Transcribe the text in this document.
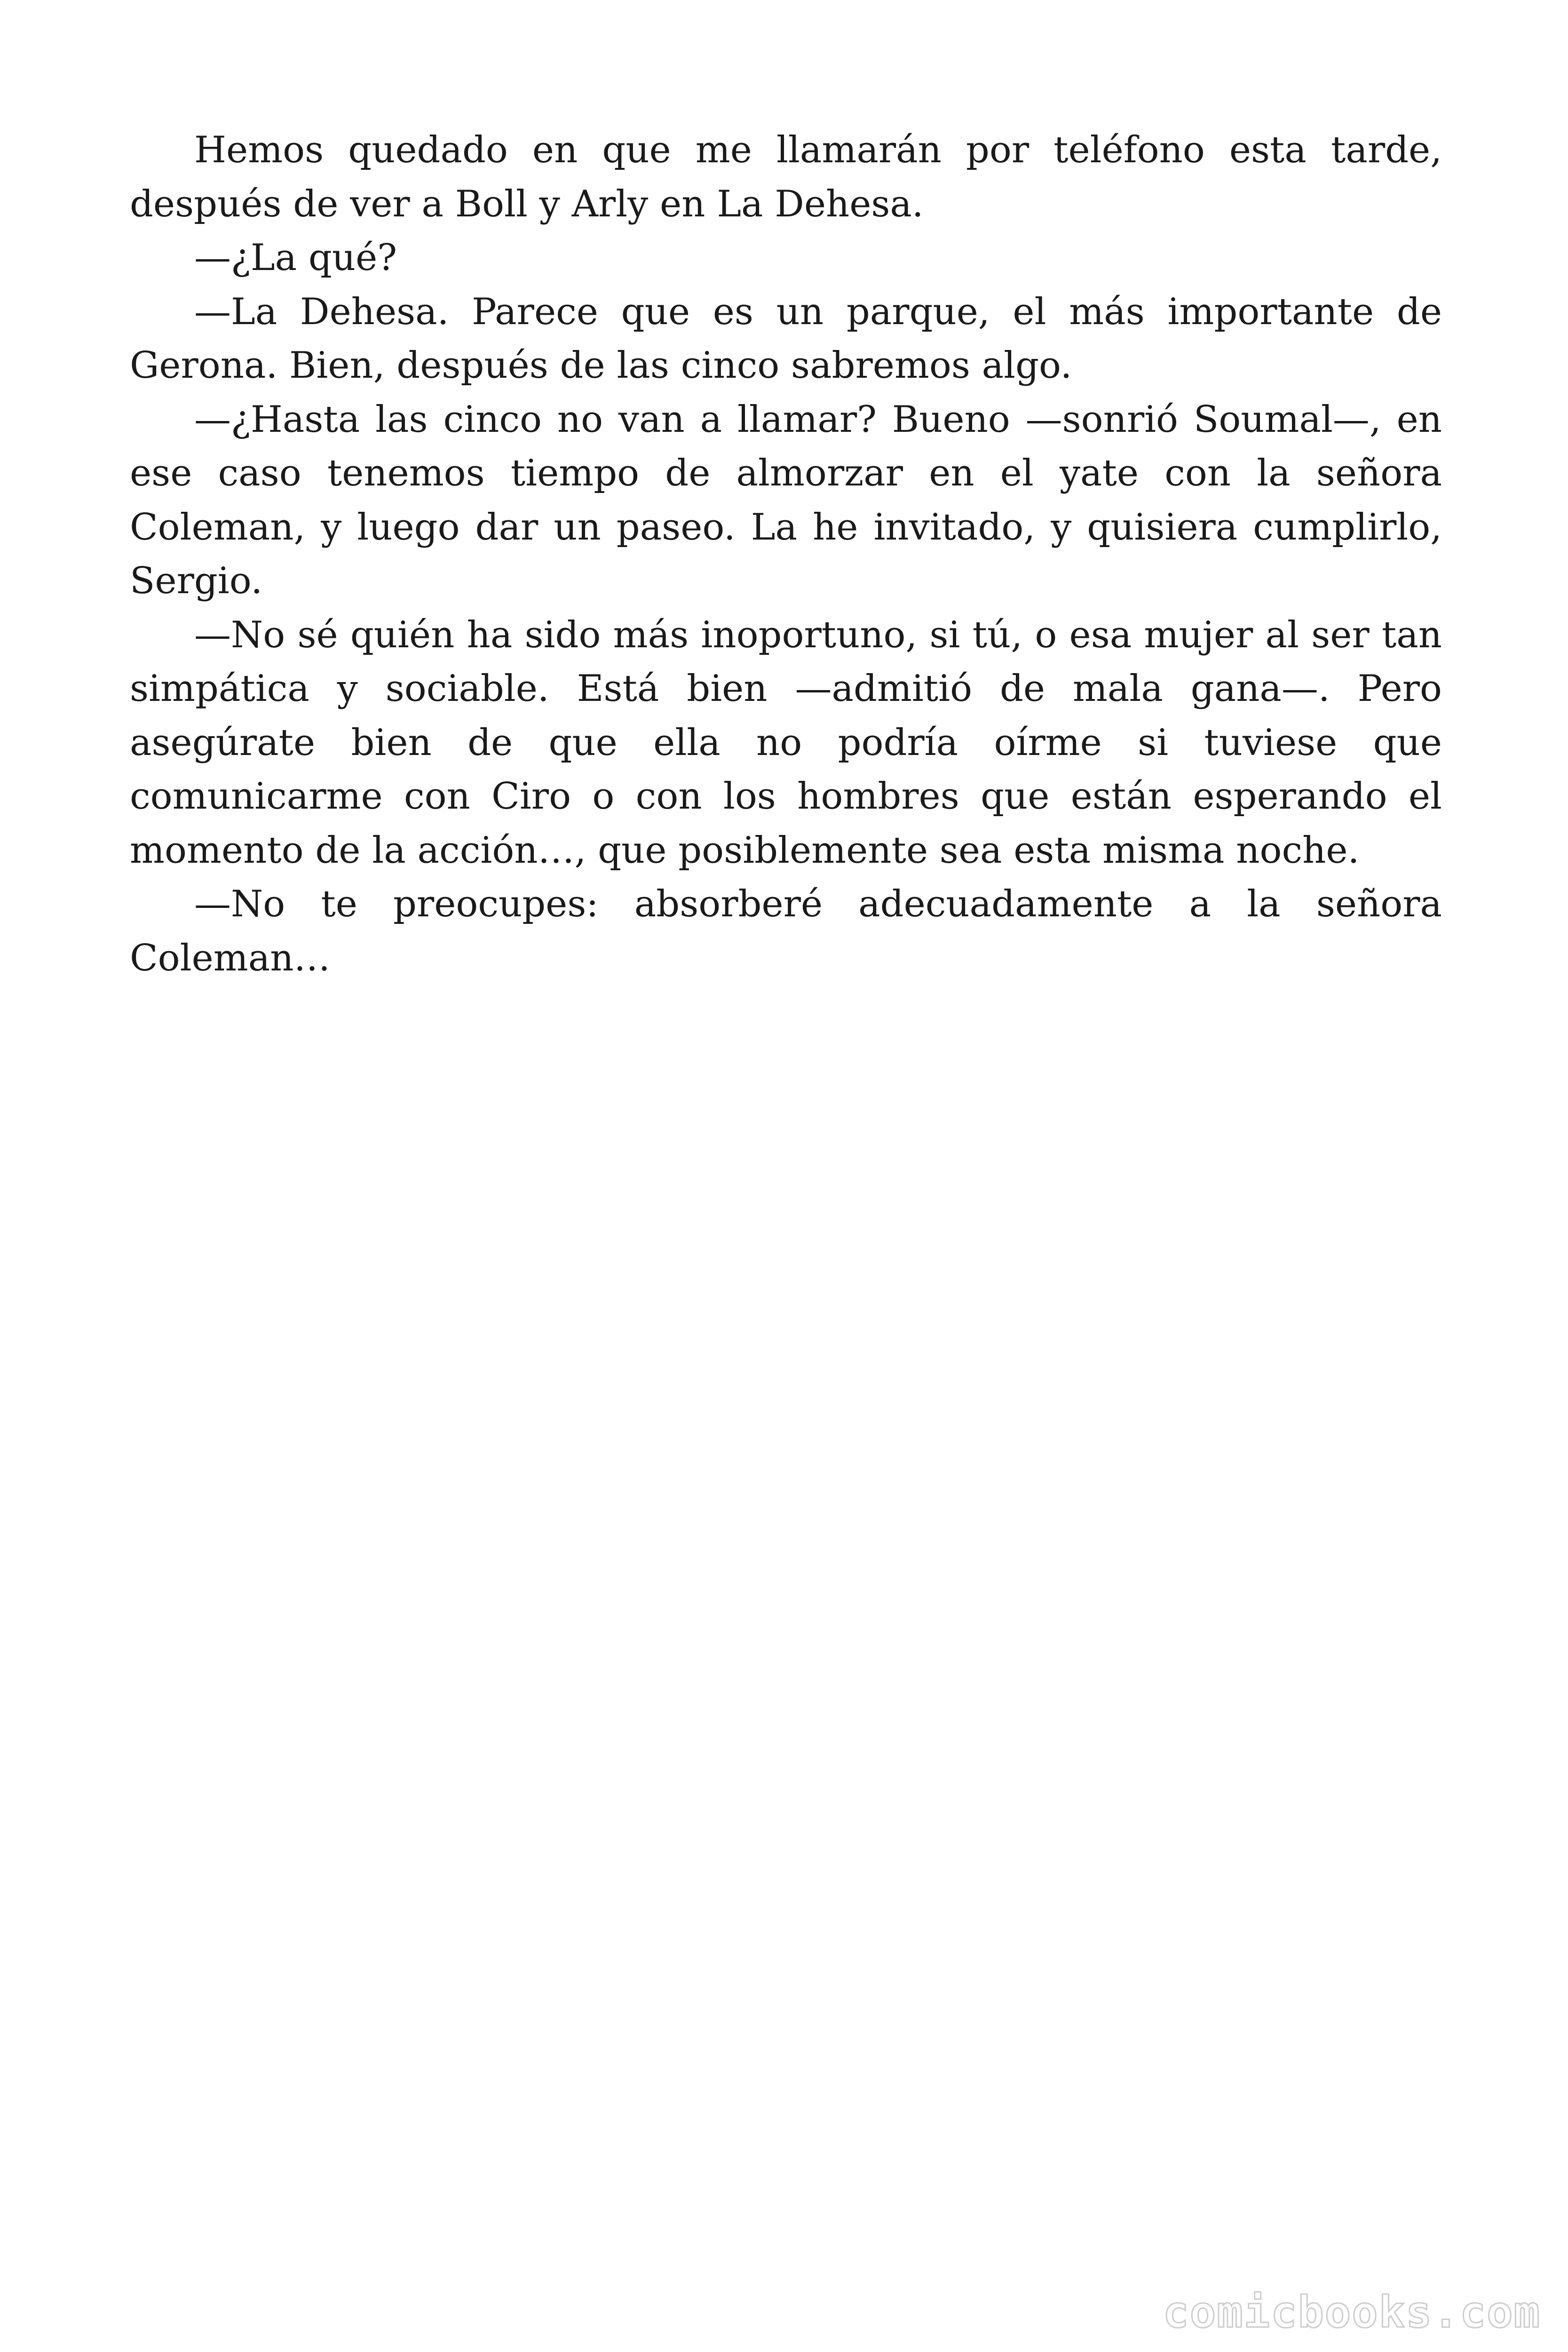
Hemos quedado en que me llamarán por teléfono esta tarde, después de ver a Boll y Arly en La Dehesa.

—¿La qué?

—La Dehesa. Parece que es un parque, el más importante de Gerona. Bien, después de las cinco sabremos algo.

—¿Hasta las cinco no van a llamar? Bueno —sonrió Soumal—, en ese caso tenemos tiempo de almorzar en el yate con la señora Coleman, y luego dar un paseo. La he invitado, y quisiera cumplirlo, Sergio.

—No sé quién ha sido más inoportuno, si tú, o esa mujer al ser tan simpática y sociable. Está bien —admitió de mala gana—. Pero asegúrate bien de que ella no podría oírme si tuviese que comunicarme con Ciro o con los hombres que están esperando el momento de la acción…, que posiblemente sea esta misma noche.

—No te preocupes: absorberé adecuadamente a la señora Coleman…

comicbooks.com
